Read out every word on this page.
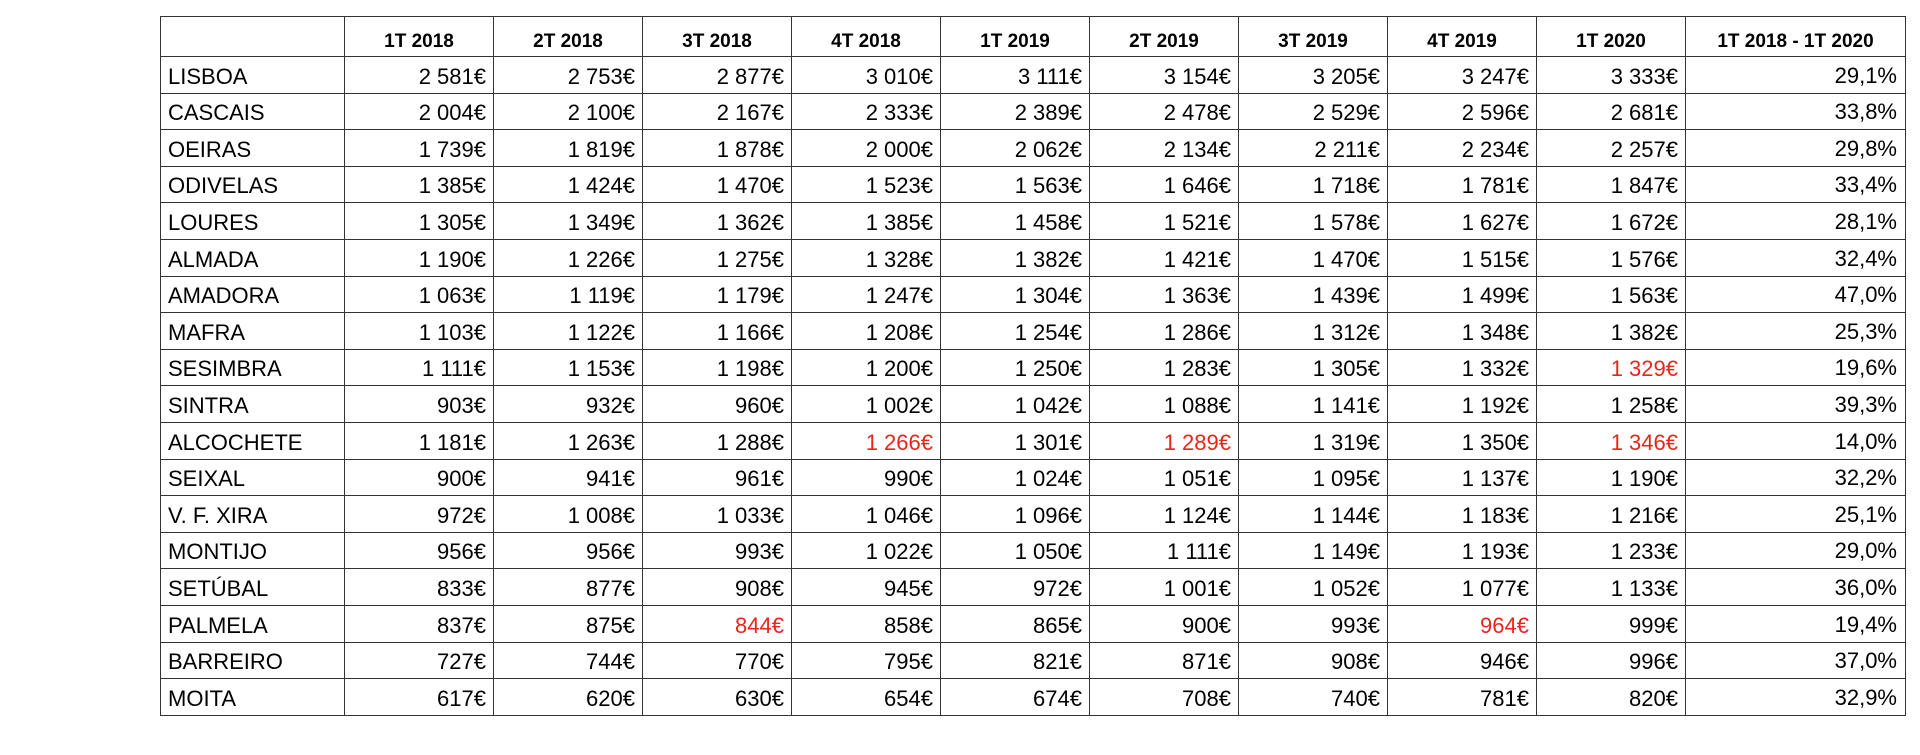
	1T 2018	2T 2018	3T 2018	4T 2018	1T 2019	2T 2019	3T 2019	4T 2019	1T 2020	1T 2018 - 1T 2020
LISBOA	2 581€	2 753€	2 877€	3 010€	3 111€	3 154€	3 205€	3 247€	3 333€	29,1%
CASCAIS	2 004€	2 100€	2 167€	2 333€	2 389€	2 478€	2 529€	2 596€	2 681€	33,8%
OEIRAS	1 739€	1 819€	1 878€	2 000€	2 062€	2 134€	2 211€	2 234€	2 257€	29,8%
ODIVELAS	1 385€	1 424€	1 470€	1 523€	1 563€	1 646€	1 718€	1 781€	1 847€	33,4%
LOURES	1 305€	1 349€	1 362€	1 385€	1 458€	1 521€	1 578€	1 627€	1 672€	28,1%
ALMADA	1 190€	1 226€	1 275€	1 328€	1 382€	1 421€	1 470€	1 515€	1 576€	32,4%
AMADORA	1 063€	1 119€	1 179€	1 247€	1 304€	1 363€	1 439€	1 499€	1 563€	47,0%
MAFRA	1 103€	1 122€	1 166€	1 208€	1 254€	1 286€	1 312€	1 348€	1 382€	25,3%
SESIMBRA	1 111€	1 153€	1 198€	1 200€	1 250€	1 283€	1 305€	1 332€	1 329€	19,6%
SINTRA	903€	932€	960€	1 002€	1 042€	1 088€	1 141€	1 192€	1 258€	39,3%
ALCOCHETE	1 181€	1 263€	1 288€	1 266€	1 301€	1 289€	1 319€	1 350€	1 346€	14,0%
SEIXAL	900€	941€	961€	990€	1 024€	1 051€	1 095€	1 137€	1 190€	32,2%
V. F. XIRA	972€	1 008€	1 033€	1 046€	1 096€	1 124€	1 144€	1 183€	1 216€	25,1%
MONTIJO	956€	956€	993€	1 022€	1 050€	1 111€	1 149€	1 193€	1 233€	29,0%
SETÚBAL	833€	877€	908€	945€	972€	1 001€	1 052€	1 077€	1 133€	36,0%
PALMELA	837€	875€	844€	858€	865€	900€	993€	964€	999€	19,4%
BARREIRO	727€	744€	770€	795€	821€	871€	908€	946€	996€	37,0%
MOITA	617€	620€	630€	654€	674€	708€	740€	781€	820€	32,9%
